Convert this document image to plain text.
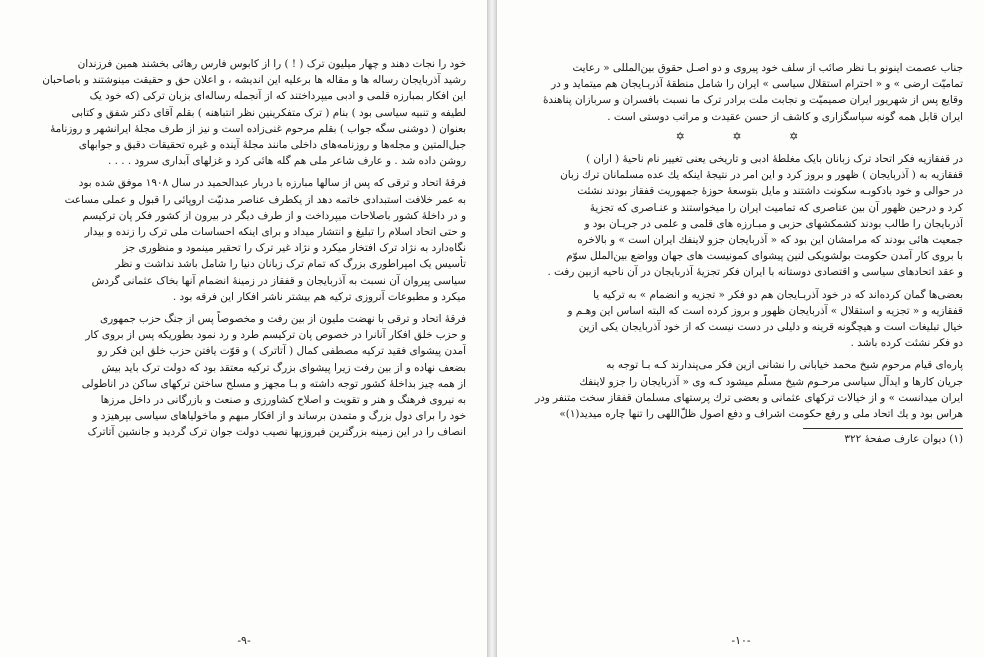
خود را نجات دهند و چهار میلیون ترک ( ! ) را از کابوس فارس رهائی بخشند همین فرزندان
رشید آذربایجان رساله ها و مقاله ها برعلیه این اندیشه ، و اعلان حق و حقیقت مینوشتند و باصاحبان
این افکار بمبارزه قلمی و ادبی میپرداختند که از آنجمله رساله‌ای بزبان ترکی (که خود یک
لطیفه و تنبیه سیاسی بود ) بنام ( ترک متفکرینین نظر انتباهنه ) بقلم آقای دکتر شفق و کتابی
بعنوان ( دوشنی سگه جواب ) بقلم مرحوم غنی‌زاده است و نیز از طرف مجلهٔ ایرانشهر و روزنامهٔ
جبل‌المتین و مجله‌ها و روزنامه‌های داخلی مانند مجلهٔ آینده و غیره تحقیقات دقیق و جوابهای
روشن داده شد . و عارف شاعر ملی هم گله هائی کرد و غزلهای آبداری سرود . . . .
فرقهٔ اتحاد و ترقی که پس از سالها مبارزه با دربار عبدالحمید در سال ۱۹۰۸ موفق شده بود
به عمر خلافت استبدادی خاتمه دهد از یکطرف عناصر مدنیّت اروپائی را قبول و عملی مساعت
و در داخلهٔ کشور باصلاحات میپرداخت و از طرف دیگر در بیرون از کشور فکر پان ترکیسم
و حتی اتحاد اسلام را تبلیغ و انتشار میداد و برای اینکه احساسات ملی ترک را زنده و بیدار
نگاه‌دارد به نژاد ترک افتخار میکرد و نژاد غیر ترک را تحقیر مینمود و منظوری جز
تأسیس یک امپراطوری بزرگ که تمام ترک زبانان دنیا را شامل باشد نداشت و نظر
سیاسی پیروان آن نسبت به آذربایجان و قفقاز در زمینهٔ انضمام آنها بخاک عثمانی گردش
میکرد و مطبوعات آنروزی ترکیه هم بیشتر ناشر افکار این فرقه بود .
فرقهٔ اتحاد و ترقی با نهضت ملیون از بین رفت و مخصوصاً پس از جنگ حزب جمهوری
و حزب خلق افکار آنانرا در خصوص پان ترکیسم طرد و رد نمود بطوریکه پس از بروی کار
آمدن پیشوای فقید ترکیه مصطفی کمال ( آتاترک ) و قوّت یافتن حزب خلق این فکر رو
بضعف نهاده و از بین رفت زیرا پیشوای بزرگ ترکیه معتقد بود که دولت ترک باید بیش
از همه چیز بداخلهٔ کشور توجه داشته و بـا مجهز و مسلح ساختن ترکهای ساکن در اناطولی
به نیروی فرهنگ و هنر و تقویت و اصلاح کشاورزی و صنعت و بازرگانی در داخل مرزها
خود را برای دول بزرگ و متمدن برساند و از افکار مبهم و ماخولیاهای سیاسی بپرهیزد و
انصاف را در این زمینه بزرگترین فیروزیها نصیب دولت جوان ترک گردید و جانشین آتاترک
-٩-
جناب عصمت اینونو بـا نظر صائب از سلف خود پیروی و دو اصـل حقوق بین‌المللی « رعایت
تمامیّت ارضی » و « احترام استقلال سیاسی » ایران را شامل منطقهٔ آذربـایجان هم میتماید و در
وقایع پس از شهریور ایران صمیمیّت و نجابت ملت برادر ترک ما نسبت بافسران و سربازان پناهندهٔ
ایران قابل همه گونه سپاسگزاری و کاشف از حسن عقیدت و مراتب دوستی است .
✡ ✡ ✡
در قفقازیه فکر اتحاد ترک زبانان بایک مغلطهٔ ادبی و تاریخی یعنی تغییر نام ناحیهٔ ( اران )
قفقازیه به ( آذربایجان ) ظهور و بروز کرد و این امر در نتیجهٔ اینکه یك عده مسلمانان ترك زبان
در حوالی و خود بادکوبـه سکونت داشتند و مایل بتوسعهٔ حوزهٔ جمهوریت قفقاز بودند نشئت
کرد و درحین ظهور آن بین عناصری که تمامیت ایران را میخواستند و عنـاصری که تجزیهٔ
آذربایجان را طالب بودند کشمکشهای حزبی و مبـارزه های قلمی و علمی در جریـان بود و
جمعیت هائی بودند که مرامشان این بود که « آذربایجان جزو لاینفك ایران است » و بالاخره
با بروی کار آمدن حکومت بولشویکی لنین پیشوای کمونیست های جهان وواضع بین‌الملل سوّم
و عقد اتحادهای سیاسی و اقتصادی دوستانه با ایران فکر تجزیهٔ آذربایجان در آن ناحیه ازبین رفت .
بعضی‌ها گمان کرده‌اند که در خود آذربـایجان هم دو فکر « تجزیه و انضمام » به ترکیه یا
قفقازیه و « تجزیه و استقلال » آذربایجان ظهور و بروز کرده است که البته اساس این وهـم و
خیال تبلیغات است و هیچگونه قرینه و دلیلی در دست نیست که از خود آذربایجان یکی ازین
دو فکر نشئت کرده باشد .
پاره‌ای قیام مرحوم شیخ محمد خیابانی را نشانی ازین فکر می‌پندارند کـه بـا توجه به
جریان کارها و ایدآل سیاسی مرحـوم شیخ مسلّم میشود کـه وی « آذربایجان را جزو لاینفك
ایران میدانست » و از خیالات ترکهای عثمانی و بعضی ترك پرستهای مسلمان قفقاز سخت متنفر ودر
هراس بود و یك اتحاد ملی و رفع حکومت اشراف و دفع اصول ظلّ‌اللهی را تنها چاره میدید(۱)»
(۱) دیوان عارف صفحهٔ ۳۲۲
-١٠-
